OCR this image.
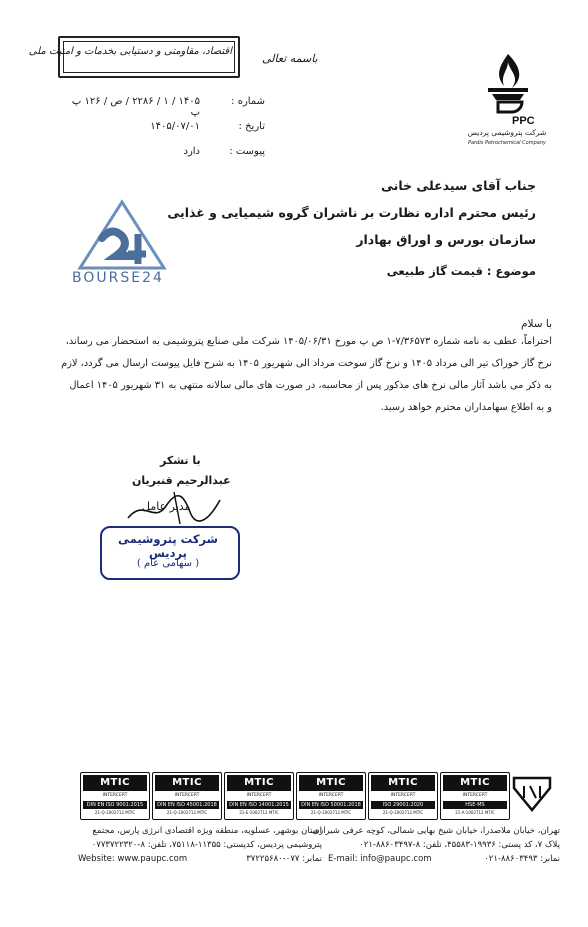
PPC
شرکت پتروشیمی پردیس
Pardis Petrochemical Company
باسمه تعالی
اقتصاد، مقاومتی و دستیابی بخدمات و امنیت ملی
شماره :
۱۴۰۵ / ۱ / ۲۲۸۶ / ص / ۱۲۶ پ پ
تاریخ :
۱۴۰۵/۰۷/۰۱
پیوست :
دارد
جناب آقای سیدعلی خانی
رئیس محترم اداره نظارت بر ناشران گروه شیمیایی و غذایی
سازمان بورس و اوراق بهادار
موضوع : قیمت گاز طبیعی
BOURSE24
با سلام
احتراماً، عطف به نامه شماره ۷/۳۶۵۷۳-۱ ص پ مورخ ۱۴۰۵/۰۶/۳۱ شرکت ملی صنایع پتروشیمی به استحضار می رساند،
نرخ گاز خوراک تیر الی مرداد ۱۴۰۵ و نرخ گاز سوخت مرداد الی شهریور ۱۴۰۵ به شرح فایل پیوست ارسال می گردد، لازم
به ذکر می باشد آثار مالی نرخ های مذکور پس از محاسبه، در صورت های مالی سالانه منتهی به ۳۱ شهریور ۱۴۰۵ اعمال
و به اطلاع سهامداران محترم خواهد رسید.
با تشکر
عبدالرحیم قنبریان
مدیر عامل
شرکت پتروشیمی پردیس
( سهامی عام )
MTIC
INTERCERT
DIN EN ISO 9001:2015
21-Q-1002712 MTIC
MTIC
INTERCERT
DIN EN ISO 45001:2018
21-Q-1002712 MTIC
MTIC
INTERCERT
DIN EN ISO 14001:2015
21-E-1002712 MTIC
MTIC
INTERCERT
DIN EN ISO 50001:2018
21-Q-1002712 MTIC
MTIC
INTERCERT
ISO 29001:2020
21-Q-1002712 MTIC
MTIC
INTERCERT
HSE-MS
21-A-1002712 MTIC
تهران، خیابان ملاصدرا، خیابان شیخ بهایی شمالی، کوچه عرفی شیرازی،
پلاک ۷، کد پستی: ۱۹۹۳۶-۴۵۵۸۳، تلفن: ۸-۸۸۶۰۳۴۹۷-۰۲۱
E-mail: info@paupc.com	نمابر: ۸۸۶۰۳۴۹۳-۰۲۱
استان بوشهر، عسلویه، منطقه ویژه اقتصادی انرژی پارس، مجتمع
پتروشیمی پردیس، کدپستی: ۱۱۳۵۵-۷۵۱۱۸، تلفن: ۸-۰۷۷۳۷۲۲۳۲۰
Website: www.paupc.com	نمابر: ۰۷۷-۳۷۲۲۵۶۸۰
